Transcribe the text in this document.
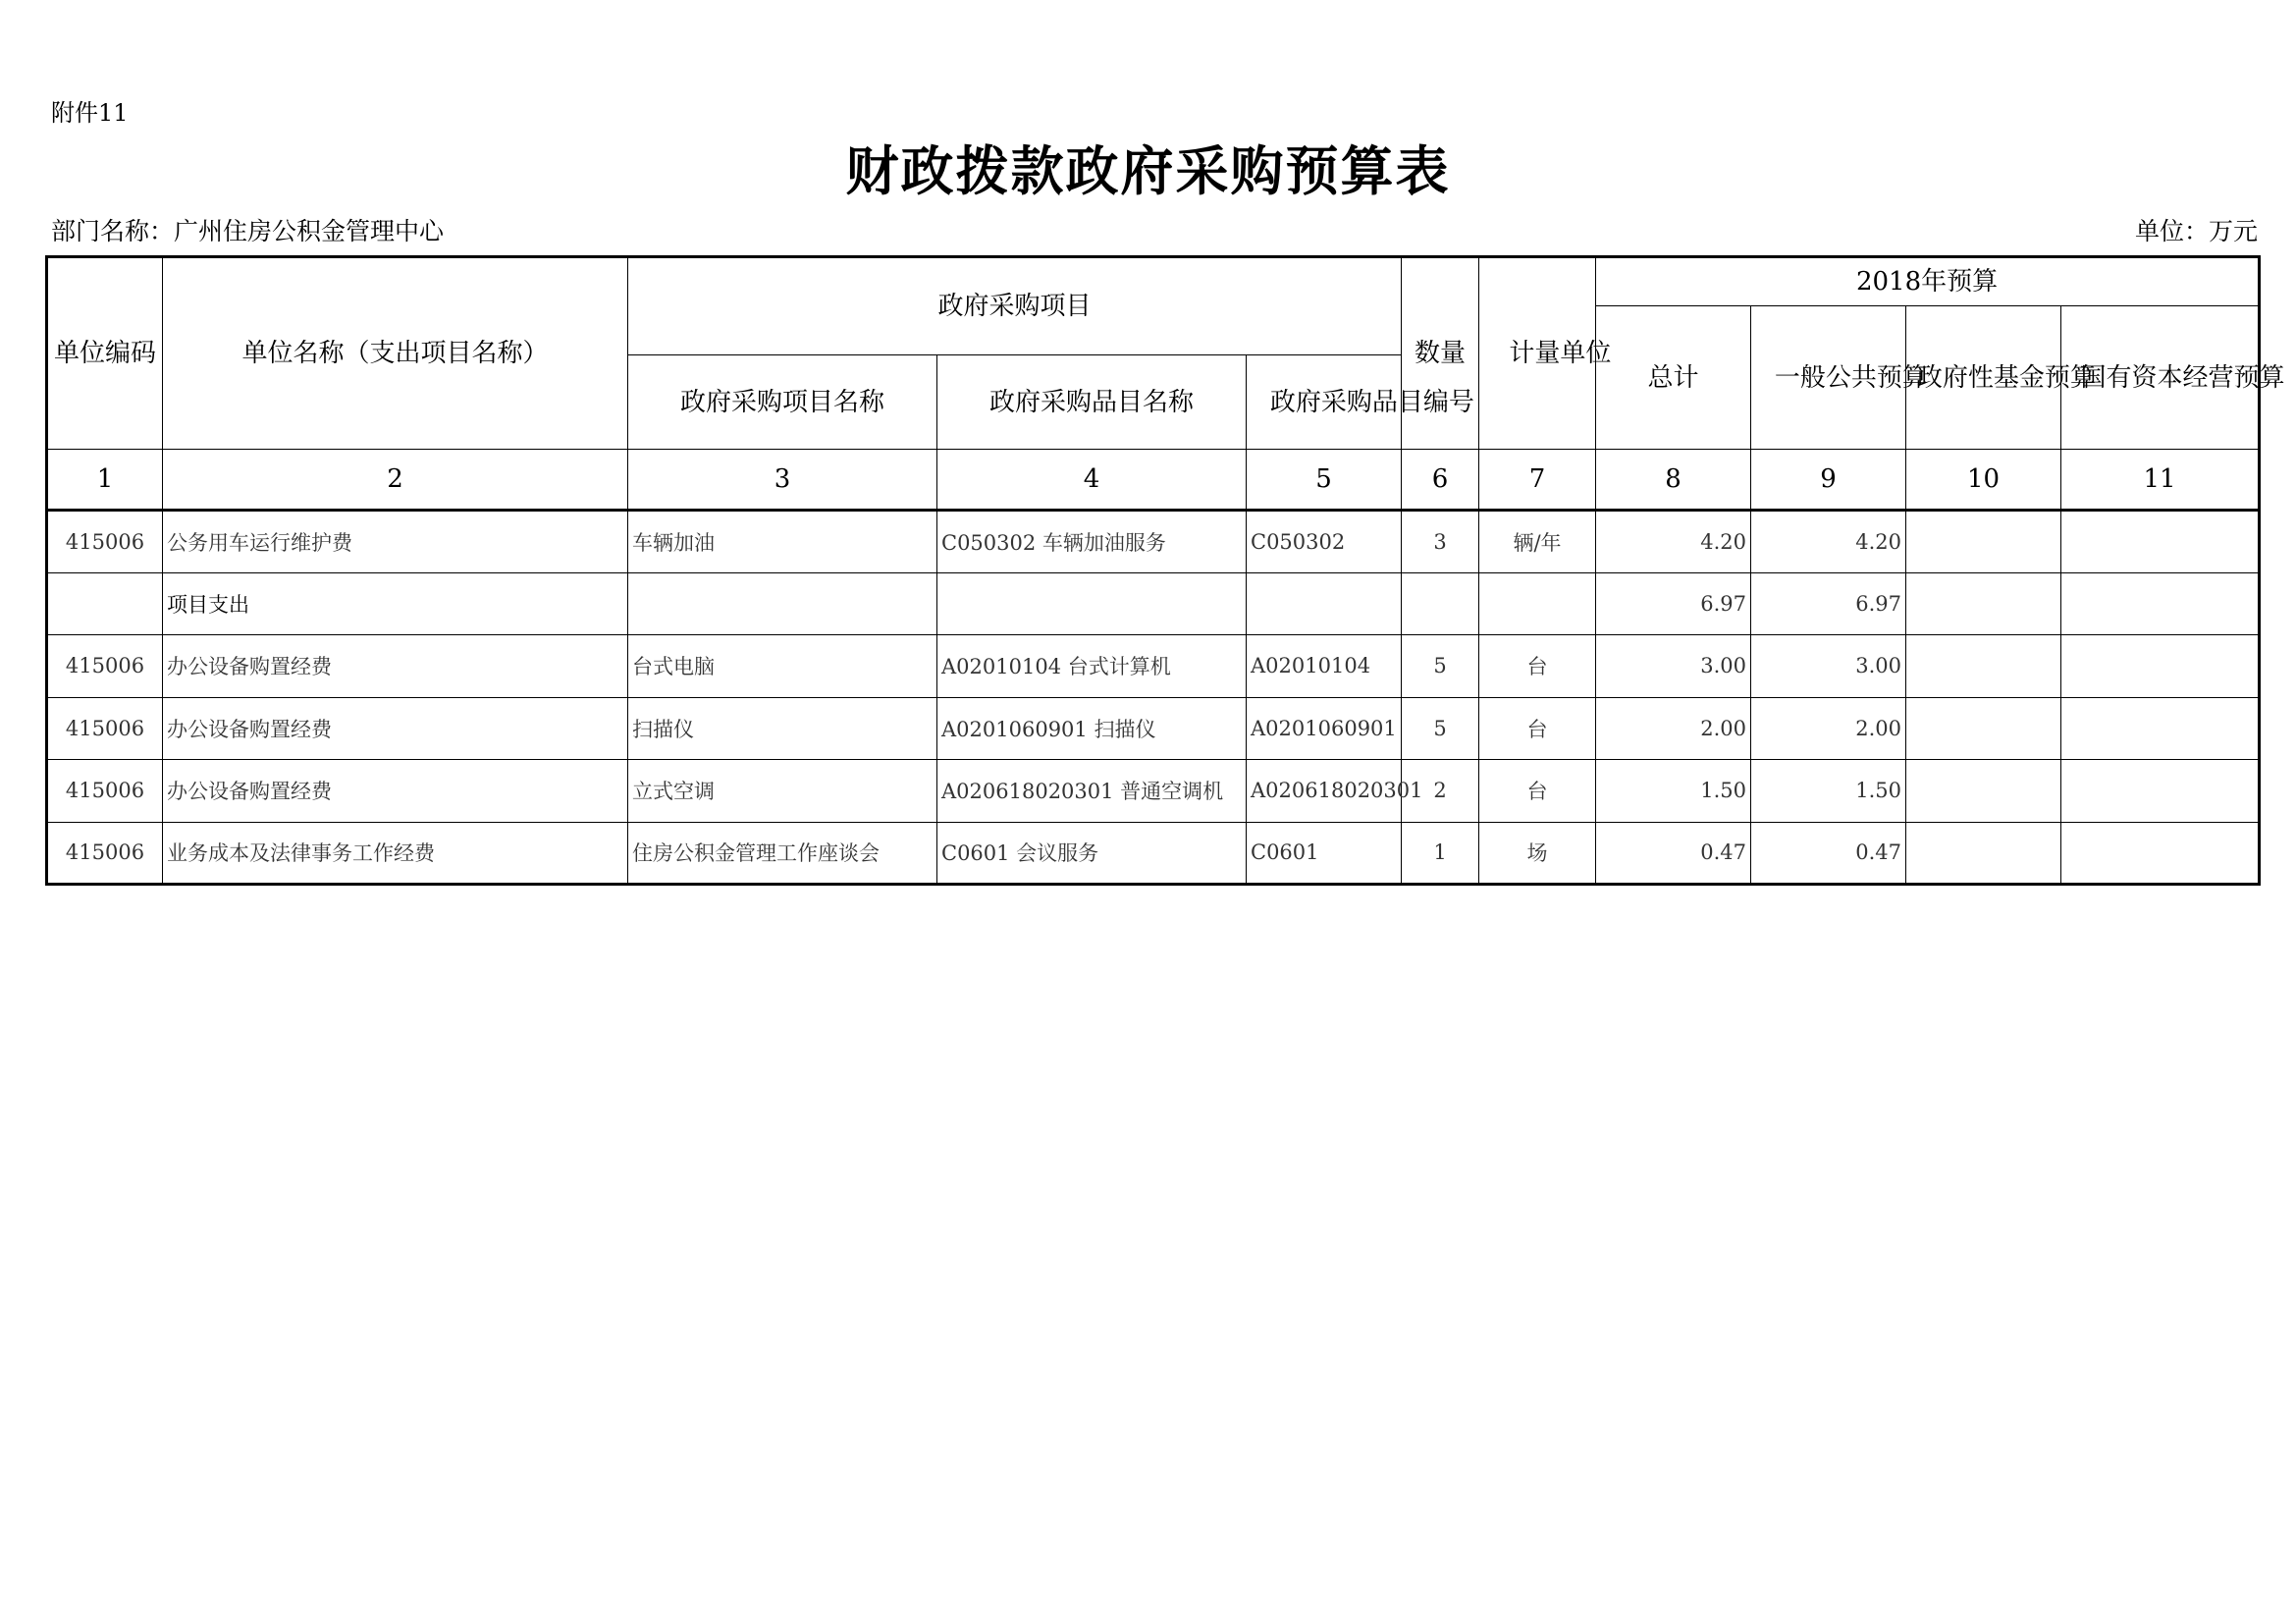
附件11
财政拨款政府采购预算表
部门名称：广州住房公积金管理中心	单位：万元
单位编码	单位名称（支出项目名称）	政府采购项目			数量	计量单位	2018年预算			
							总计	一般公共预算	政府性基金预算	国有资本经营预算
		政府采购项目名称	政府采购品目名称	政府采购品目编号						
1	2	3	4	5	6	7	8	9	10	11
415006	公务用车运行维护费	车辆加油	C050302 车辆加油服务	C050302	3	辆/年	4.20	4.20		
	项目支出						6.97	6.97		
415006	办公设备购置经费	台式电脑	A02010104 台式计算机	A02010104	5	台	3.00	3.00		
415006	办公设备购置经费	扫描仪	A0201060901 扫描仪	A0201060901	5	台	2.00	2.00		
415006	办公设备购置经费	立式空调	A020618020301 普通空调机	A020618020301	2	台	1.50	1.50		
415006	业务成本及法律事务工作经费	住房公积金管理工作座谈会	C0601 会议服务	C0601	1	场	0.47	0.47		
